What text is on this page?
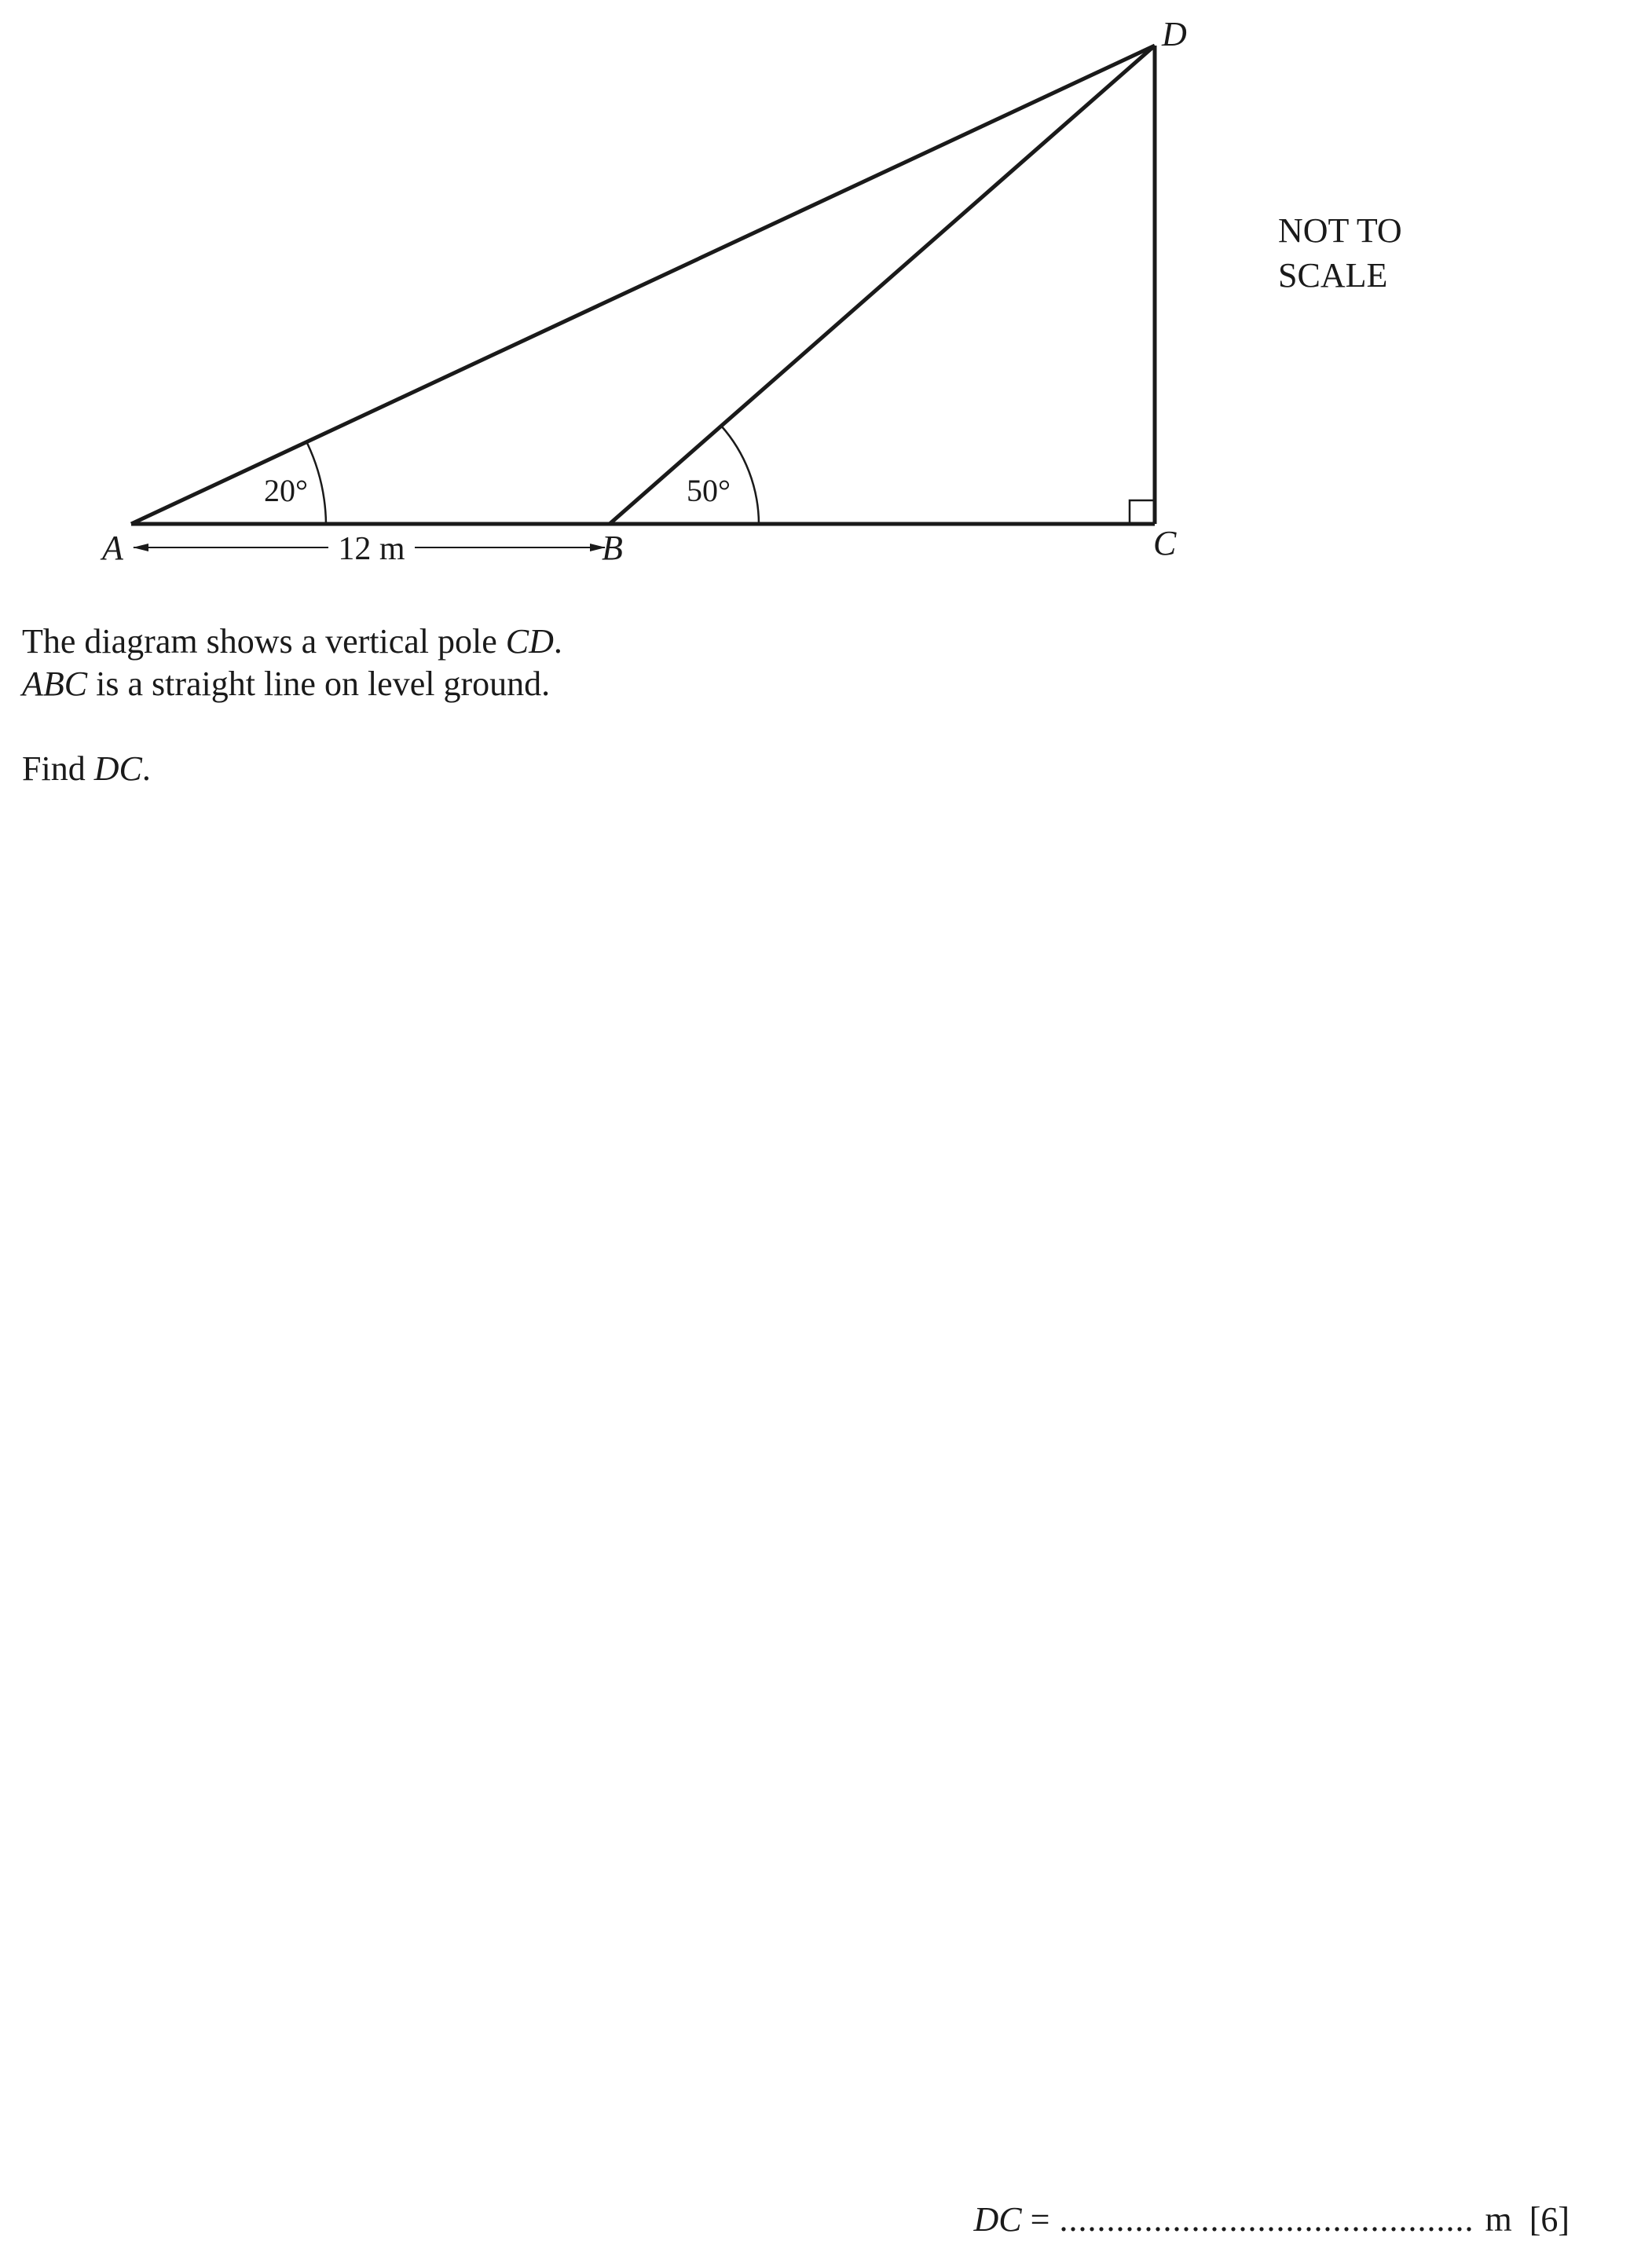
A	B	C
D
20°	50°
12 m
NOT TO
SCALE

The diagram shows a vertical pole CD.

ABC is a straight line on level ground.

Find DC.

DC = ............................................ m [6]
